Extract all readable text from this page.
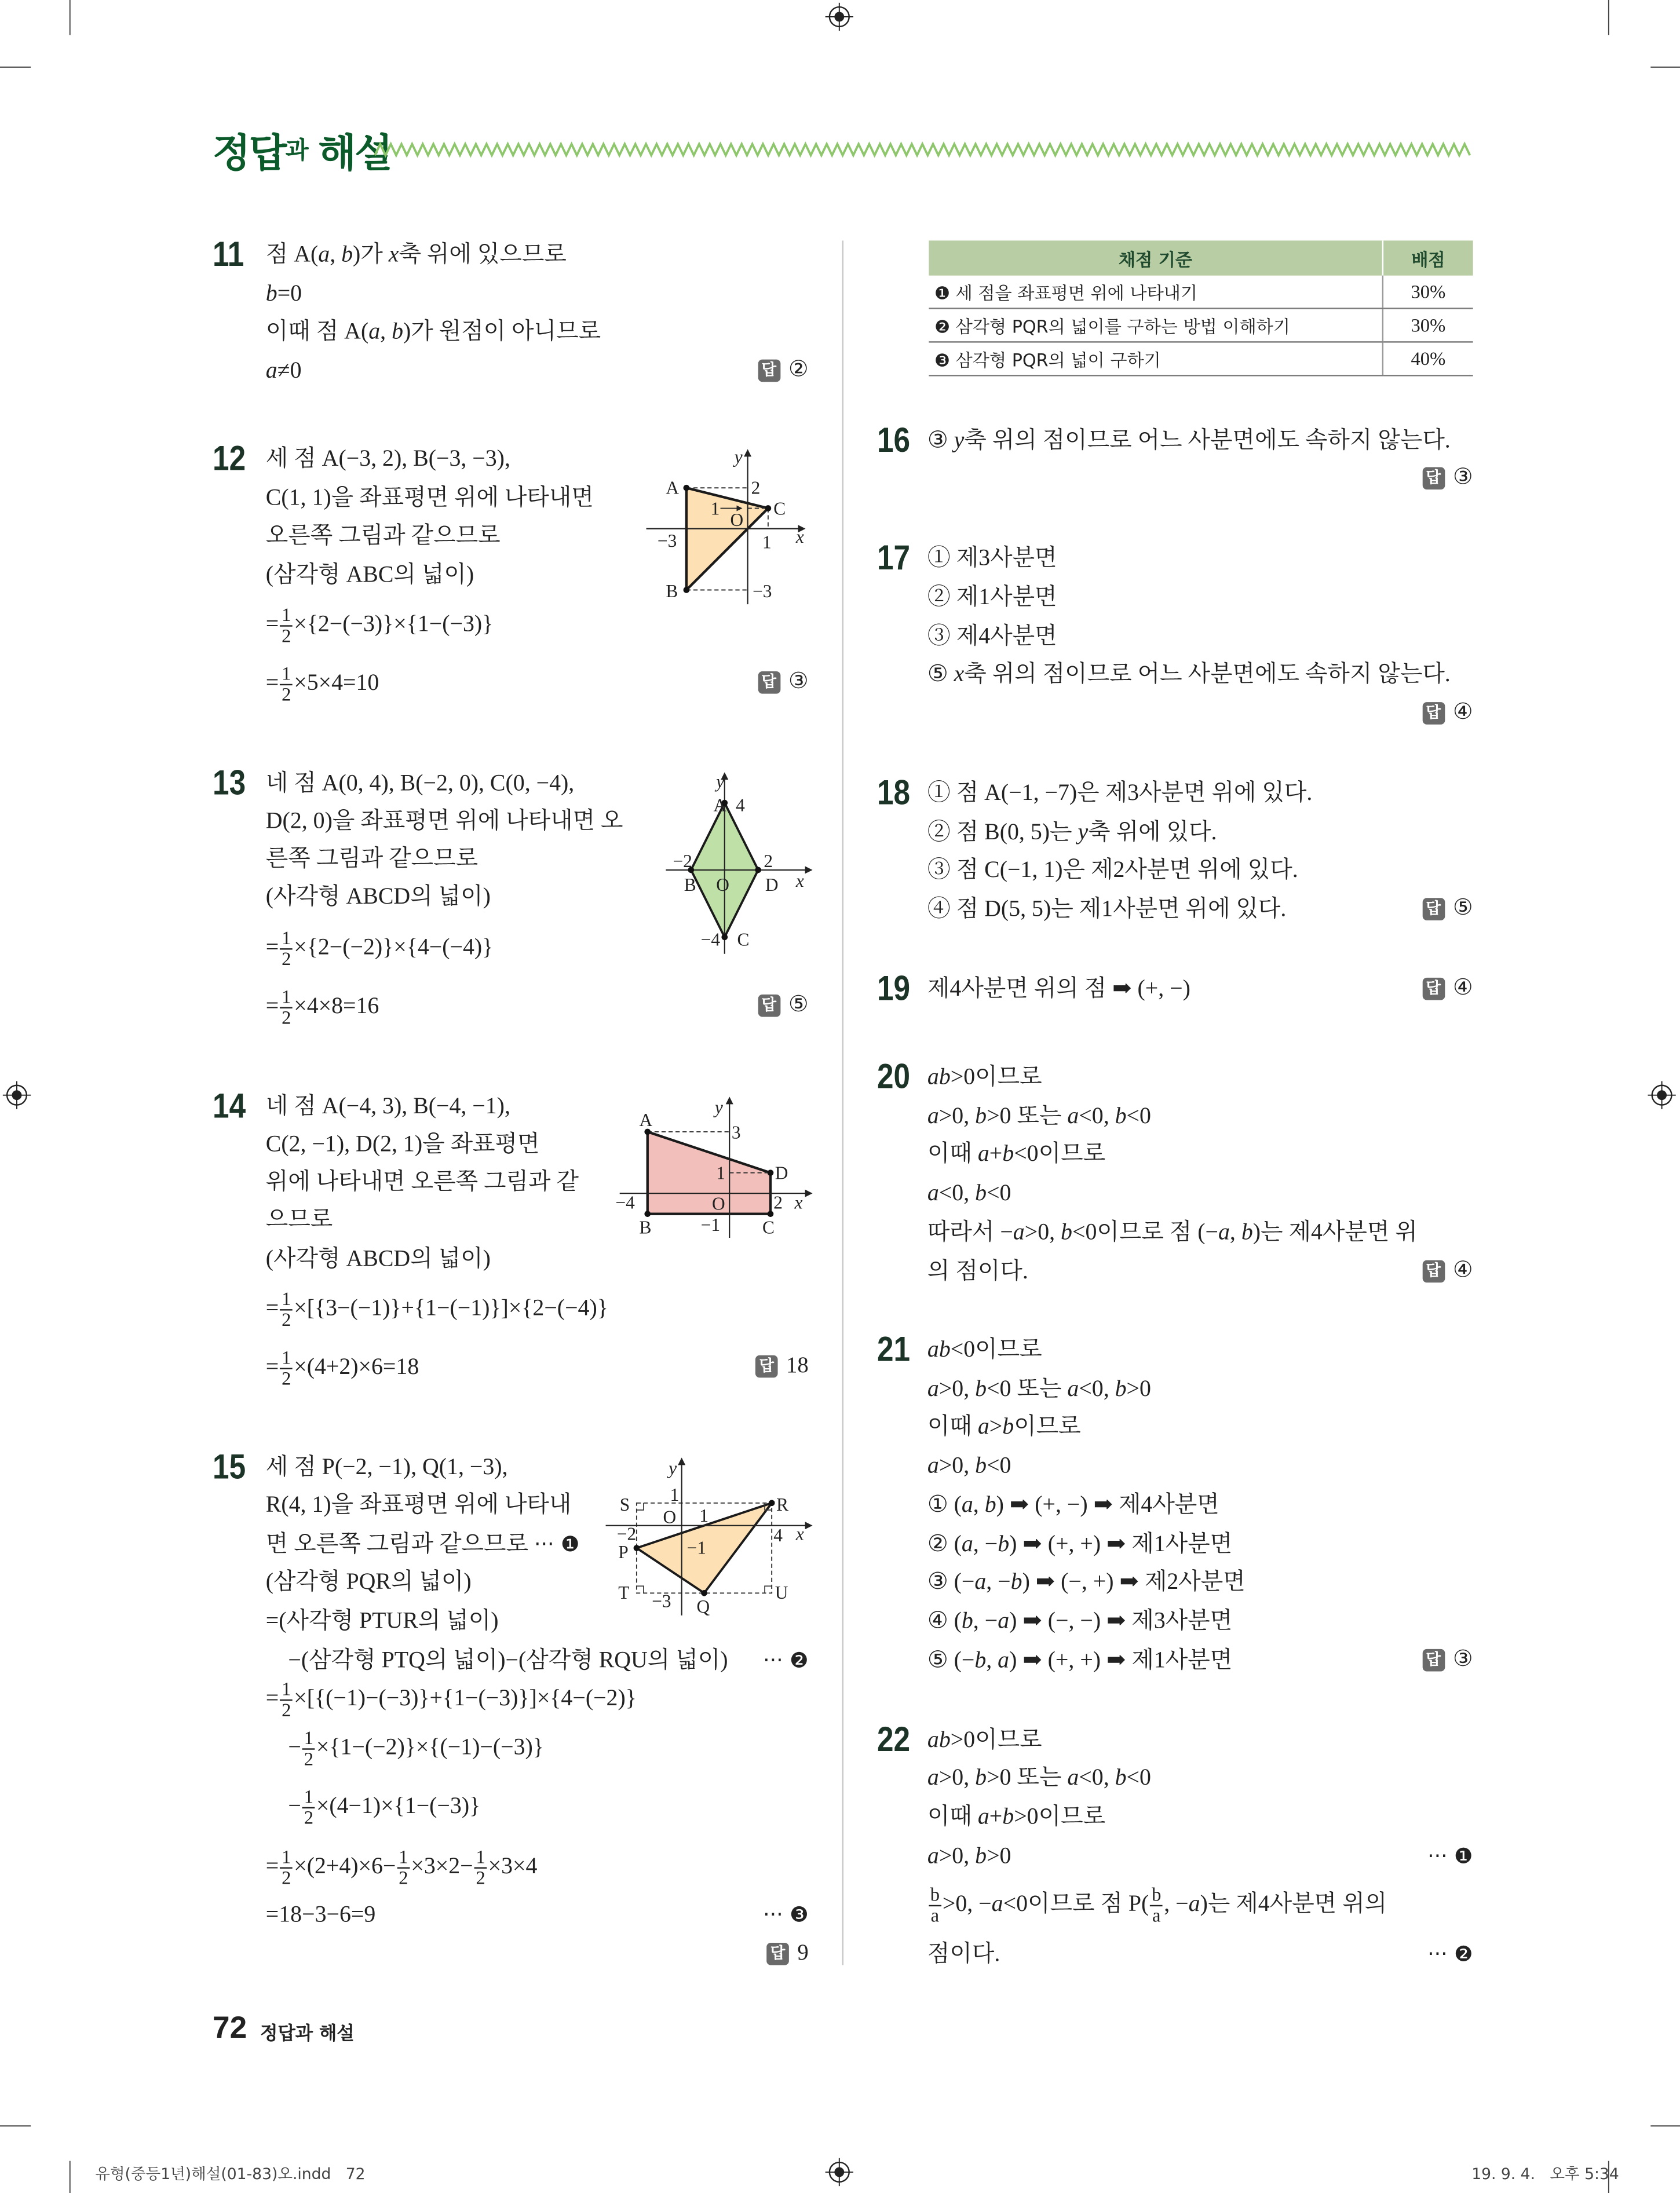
정답$^과$ 해설
채점 기준	배점
❶ 세 점을 좌표평면 위에 나타내기	30%
❷ 삼각형 PQR의 넓이를 구하는 방법 이해하기	30%
❸ 삼각형 PQR의 넓이 구하기	40%
11 점 A(a, b)가 x축 위에 있으므로
b=0
이때 점 A(a, b)가 원점이 아니므로
a≠0	답 ②
12 세 점 A(−3, 2), B(−3, −3),
C(1, 1)을 좌표평면 위에 나타내면
오른쪽 그림과 같으므로
(삼각형 ABC의 넓이)
= $\frac{1}{2} \times\{2-(-3)\}\times\{1-(-3)\}$
= $\frac{1}{2} \times 5\times 4=10$	답 ③
13 네 점 A(0, 4), B(−2, 0), C(0, −4),
D(2, 0)을 좌표평면 위에 나타내면 오
른쪽 그림과 같으므로
(사각형 ABCD의 넓이)
= $\frac{1}{2} \times\{2-(-2)\}\times\{4-(-4)\}$
= $\frac{1}{2} \times 4\times 8=16$	답 ⑤
14 네 점 A(−4, 3), B(−4, −1),
C(2, −1), D(2, 1)을 좌표평면
위에 나타내면 오른쪽 그림과 같
으므로
(사각형 ABCD의 넓이)
= $\frac{1}{2} \times[\{3-(-1)\}+\{1-(-1)\}]\times\{2-(-4)\}$
= $\frac{1}{2} \times(4+2)\times 6=18$	답 18
15 세 점 P(−2, −1), Q(1, −3),
R(4, 1)을 좌표평면 위에 나타내
면 오른쪽 그림과 같으므로 ··· ❶
(삼각형 PQR의 넓이)
=(사각형 PTUR의 넓이)
−(삼각형 PTQ의 넓이)−(삼각형 RQU의 넓이)	··· ❷
= $\frac{1}{2} \times[\{(-1)-(-3)\}+\{1-(-3)\}]\times\{4-(-2)\}$
− $\frac{1}{2} \times\{1-(-2)\}\times\{(-1)-(-3)\}$
− $\frac{1}{2} \times(4-1)\times\{1-(-3)\}$
= $\frac{1}{2} \times(2+4)\times 6- \frac{1}{2} \times 3\times 2- \frac{1}{2} \times 3\times 4$
=18−3−6=9	··· ❸
답 9
16 ③ y축 위의 점이므로 어느 사분면에도 속하지 않는다.
답 ③
17 ① 제3사분면
② 제1사분면
③ 제4사분면
⑤ x축 위의 점이므로 어느 사분면에도 속하지 않는다.
답 ④
18 ① 점 A(−1, −7)은 제3사분면 위에 있다.
② 점 B(0, 5)는 y축 위에 있다.
③ 점 C(−1, 1)은 제2사분면 위에 있다.
④ 점 D(5, 5)는 제1사분면 위에 있다.	답 ⑤
19 제4사분면 위의 점 ➡ (+, −)	답 ④
20 ab>0이므로
a>0, b>0 또는 a<0, b<0
이때 a+b<0이므로
a<0, b<0
따라서 −a>0, b<0이므로 점 (−a, b)는 제4사분면 위
의 점이다.	답 ④
21 ab<0이므로
a>0, b<0 또는 a<0, b>0
이때 a>b이므로
a>0, b<0
① (a, b) ➡ (+, −) ➡ 제4사분면
② (a, −b) ➡ (+, +) ➡ 제1사분면
③ (−a, −b) ➡ (−, +) ➡ 제2사분면
④ (b, −a) ➡ (−, −) ➡ 제3사분면
⑤ (−b, a) ➡ (+, +) ➡ 제1사분면	답 ③
22 ab>0이므로
a>0, b>0 또는 a<0, b<0
이때 a+b>0이므로
a>0, b>0	··· ❶
$\frac{b}{a} >0$, −a<0이므로 점 $P( \frac{b}{a}$ , −a)는 제4사분면 위의
점이다.	··· ❷
y
A	2
1	C
O
−3	1	x
B	−3
y
A 4
−2	2
B	O	D x
−4 C
y
A
3
1	D
−4	O	2 x
B	−1	C
y
1
S
O	1
R
−2	4 x
P	−1
T	U
−3	Q
72 정답과 해설
유형(중등1년)해설(01-83)오.indd   72	19. 9. 4.   오후 5:34
